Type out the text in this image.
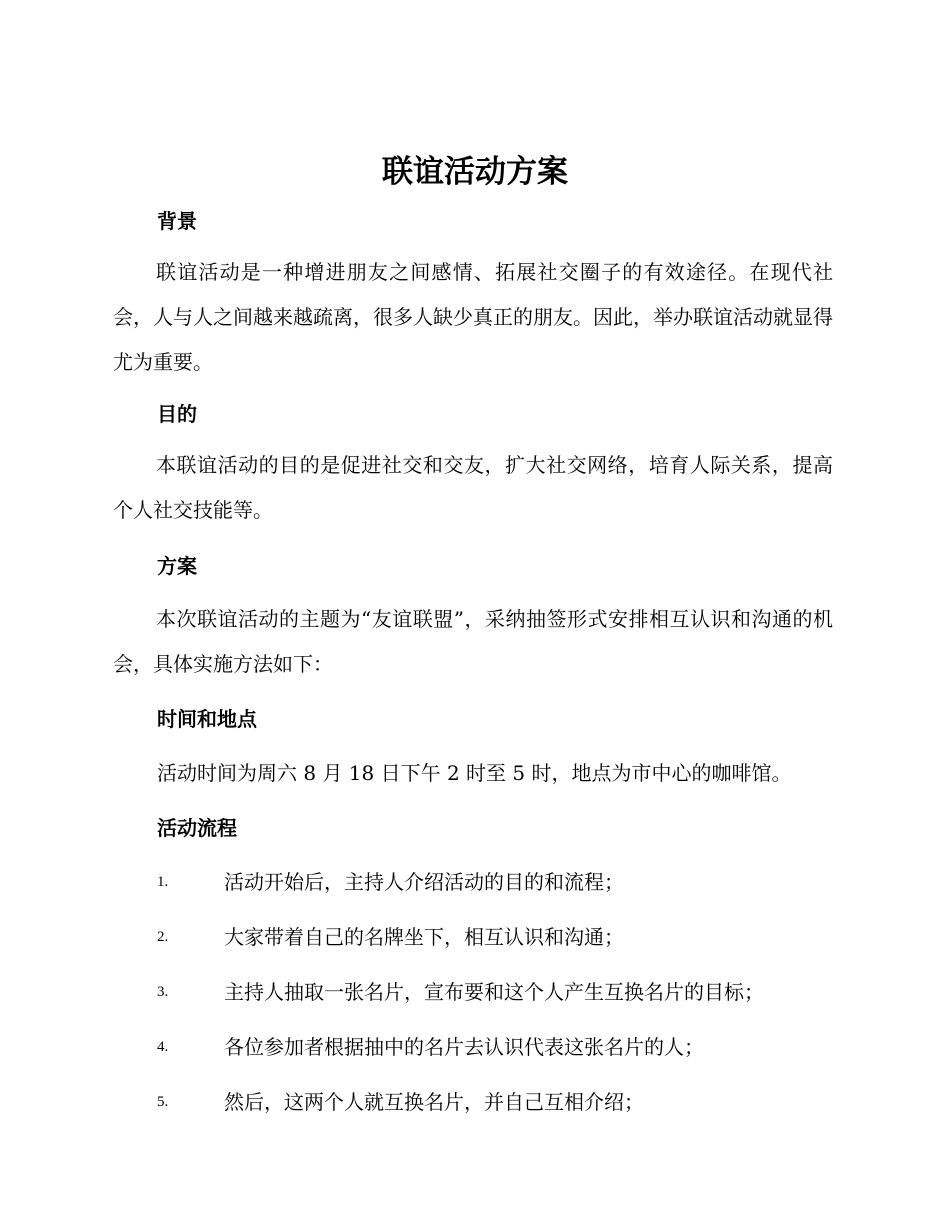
联谊活动方案
背景
联谊活动是一种增进朋友之间感情、拓展社交圈子的有效途径。在现代社会，人与人之间越来越疏离，很多人缺少真正的朋友。因此，举办联谊活动就显得尤为重要。
目的
本联谊活动的目的是促进社交和交友，扩大社交网络，培育人际关系，提高个人社交技能等。
方案
本次联谊活动的主题为“友谊联盟”，采纳抽签形式安排相互认识和沟通的机会，具体实施方法如下：
时间和地点
活动时间为周六 8 月 18 日下午 2 时至 5 时，地点为市中心的咖啡馆。
活动流程
1.	活动开始后，主持人介绍活动的目的和流程；
2.	大家带着自己的名牌坐下，相互认识和沟通；
3.	主持人抽取一张名片，宣布要和这个人产生互换名片的目标；
4.	各位参加者根据抽中的名片去认识代表这张名片的人；
5.	然后，这两个人就互换名片，并自己互相介绍；
